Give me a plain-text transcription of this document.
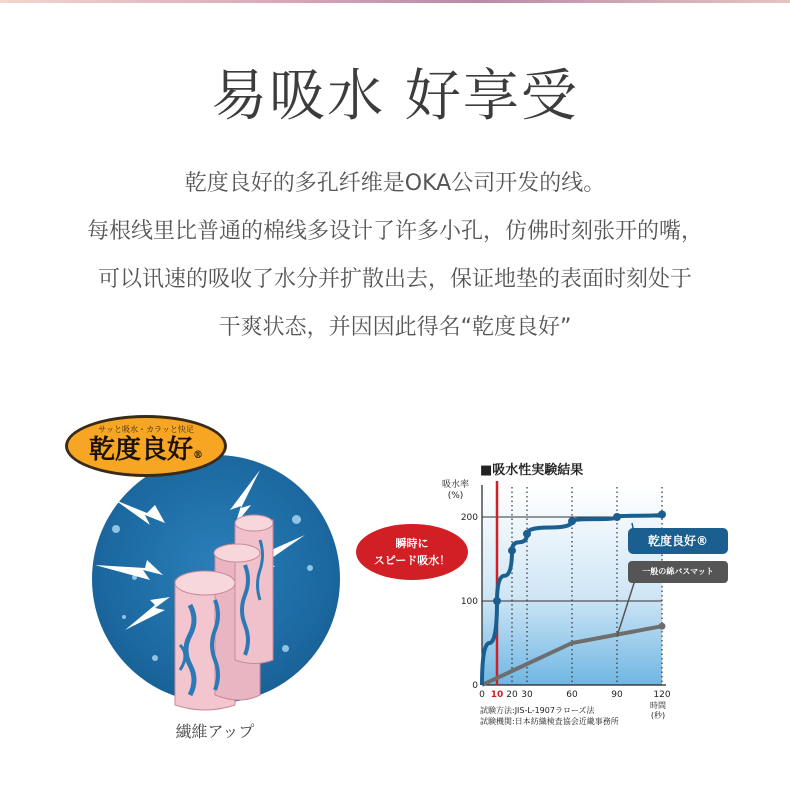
易吸水 好享受
乾度良好的多孔纤维是OKA公司开发的线。
每根线里比普通的棉线多设计了许多小孔，仿佛时刻张开的嘴，
可以讯速的吸收了水分并扩散出去，保证地垫的表面时刻处于
干爽状态，并因因此得名“乾度良好”
サッと吸水・カラッと快足
乾度良好®
繊維アップ
■吸水性実験結果
吸水率
(%)
0
100
200
0 10 20 30	60	90	120
瞬時に
スピード吸水！
乾度良好®
一般の綿バスマット
時間
(秒)
試験方法:JIS-L-1907ラローズ法
試験機関:日本紡織検査協会近畿事務所
